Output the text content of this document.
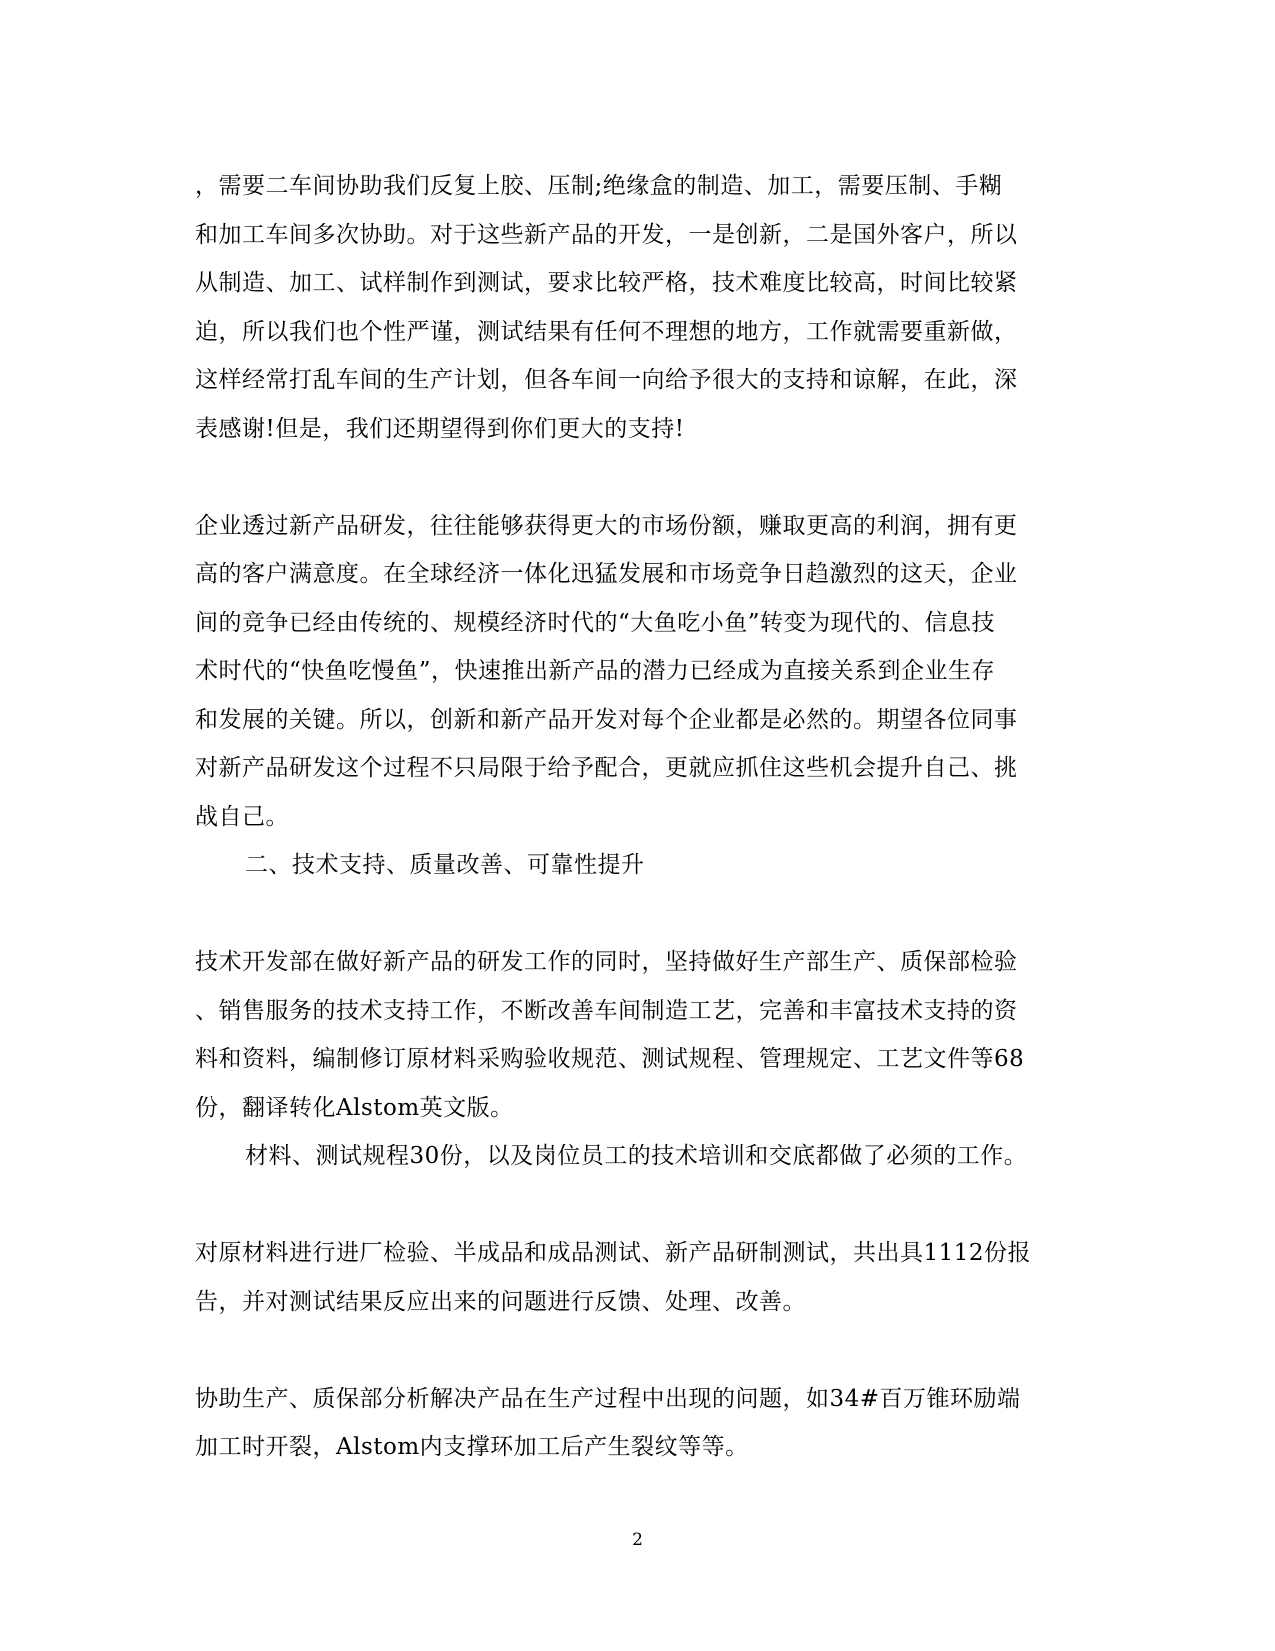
，需要二车间协助我们反复上胶、压制;绝缘盒的制造、加工，需要压制、手糊
和加工车间多次协助。对于这些新产品的开发，一是创新，二是国外客户，所以
从制造、加工、试样制作到测试，要求比较严格，技术难度比较高，时间比较紧
迫，所以我们也个性严谨，测试结果有任何不理想的地方，工作就需要重新做，
这样经常打乱车间的生产计划，但各车间一向给予很大的支持和谅解，在此，深
表感谢!但是，我们还期望得到你们更大的支持!
企业透过新产品研发，往往能够获得更大的市场份额，赚取更高的利润，拥有更
高的客户满意度。在全球经济一体化迅猛发展和市场竞争日趋激烈的这天，企业
间的竞争已经由传统的、规模经济时代的“大鱼吃小鱼”转变为现代的、信息技
术时代的“快鱼吃慢鱼”，快速推出新产品的潜力已经成为直接关系到企业生存
和发展的关键。所以，创新和新产品开发对每个企业都是必然的。期望各位同事
对新产品研发这个过程不只局限于给予配合，更就应抓住这些机会提升自己、挑
战自己。
二、技术支持、质量改善、可靠性提升
技术开发部在做好新产品的研发工作的同时，坚持做好生产部生产、质保部检验
、销售服务的技术支持工作，不断改善车间制造工艺，完善和丰富技术支持的资
料和资料，编制修订原材料采购验收规范、测试规程、管理规定、工艺文件等68
份，翻译转化Alstom英文版。
材料、测试规程30份，以及岗位员工的技术培训和交底都做了必须的工作。
对原材料进行进厂检验、半成品和成品测试、新产品研制测试，共出具1112份报
告，并对测试结果反应出来的问题进行反馈、处理、改善。
协助生产、质保部分析解决产品在生产过程中出现的问题，如34#百万锥环励端
加工时开裂，Alstom内支撑环加工后产生裂纹等等。
2
